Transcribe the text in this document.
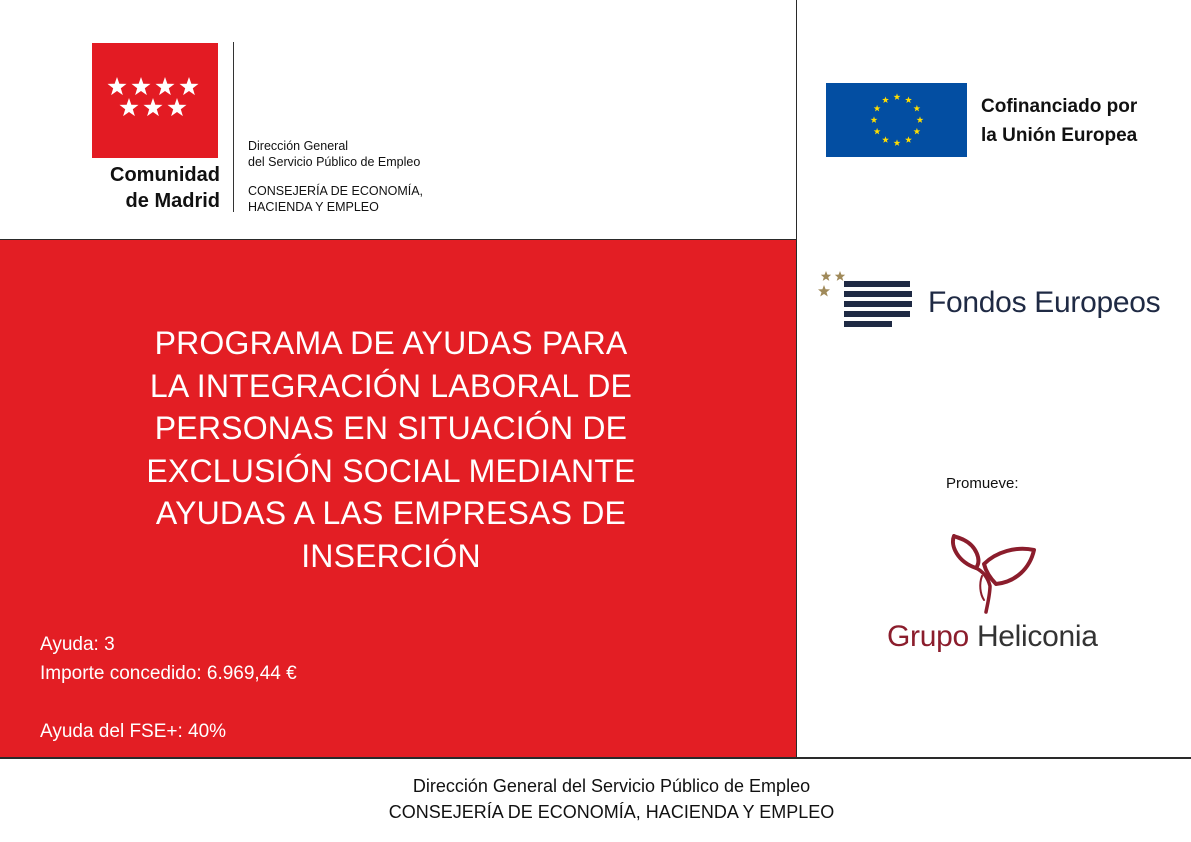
Comunidad
de Madrid
Dirección General
del Servicio Público de Empleo
CONSEJERÍA DE ECONOMÍA,
HACIENDA Y EMPLEO
PROGRAMA DE AYUDAS PARA
LA INTEGRACIÓN LABORAL DE
PERSONAS EN SITUACIÓN DE
EXCLUSIÓN SOCIAL MEDIANTE
AYUDAS A LAS EMPRESAS DE
INSERCIÓN
Ayuda: 3
Importe concedido: 6.969,44 €
Ayuda del FSE+: 40%
Cofinanciado por
la Unión Europea
Fondos Europeos
Promueve:
Grupo Heliconia
Dirección General del Servicio Público de Empleo
CONSEJERÍA DE ECONOMÍA, HACIENDA Y EMPLEO
